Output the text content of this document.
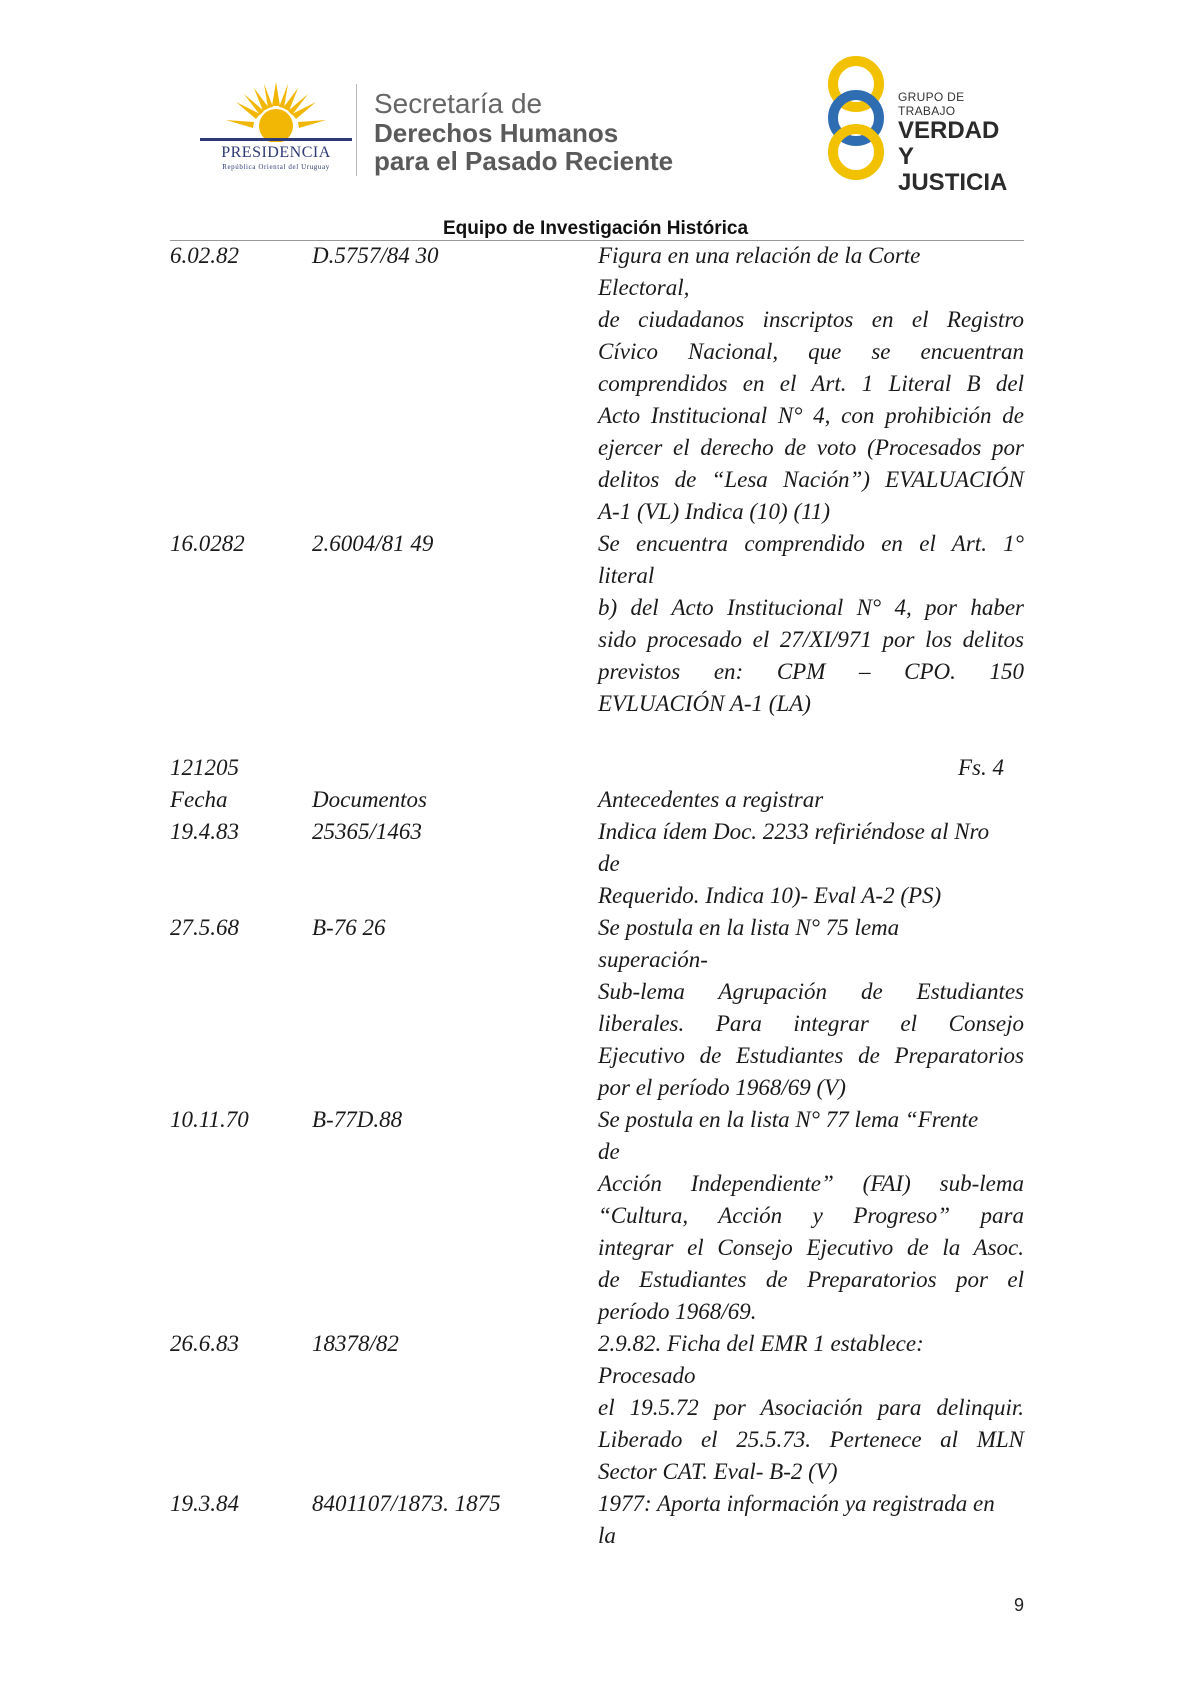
PRESIDENCIA
República Oriental del Uruguay
Secretaría de
Derechos Humanos
para el Pasado Reciente
GRUPO DE TRABAJO
VERDAD Y
JUSTICIA
Equipo de Investigación Histórica
6.02.82	D.5757/84 30	Figura en una relación de la Corte
Electoral,
de ciudadanos inscriptos en el Registro
Cívico Nacional, que se encuentran
comprendidos en el Art. 1 Literal B del
Acto Institucional N° 4, con prohibición de
ejercer el derecho de voto (Procesados por
delitos de “Lesa Nación”) EVALUACIÓN
A-1 (VL) Indica (10) (11)
16.0282	2.6004/81 49	Se encuentra comprendido en el Art. 1°
literal
b) del Acto Institucional N° 4, por haber
sido procesado el 27/XI/971 por los delitos
previstos en: CPM – CPO. 150
EVLUACIÓN A-1 (LA)
121205	Fs. 4
Fecha	Documentos	Antecedentes a registrar
19.4.83	25365/1463	Indica ídem Doc. 2233 refiriéndose al Nro
de
Requerido. Indica 10)- Eval A-2 (PS)
27.5.68	B-76 26	Se postula en la lista N° 75 lema
superación-
Sub-lema Agrupación de Estudiantes
liberales. Para integrar el Consejo
Ejecutivo de Estudiantes de Preparatorios
por el período 1968/69 (V)
10.11.70	B-77D.88	Se postula en la lista N° 77 lema “Frente
de
Acción Independiente” (FAI) sub-lema
“Cultura, Acción y Progreso” para
integrar el Consejo Ejecutivo de la Asoc.
de Estudiantes de Preparatorios por el
período 1968/69.
26.6.83	18378/82	2.9.82. Ficha del EMR 1 establece:
Procesado
el 19.5.72 por Asociación para delinquir.
Liberado el 25.5.73. Pertenece al MLN
Sector CAT. Eval- B-2 (V)
19.3.84	8401107/1873. 1875	1977: Aporta información ya registrada en
la
9
